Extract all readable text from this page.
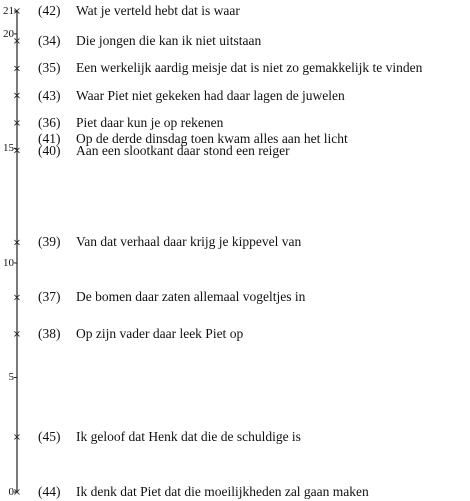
×
×
×
×
×
×
×
×
×
×
×
21
20
15
10
5
0
(42) Wat je verteld hebt dat is waar
(34) Die jongen die kan ik niet uitstaan
(35) Een werkelijk aardig meisje dat is niet zo gemakkelijk te vinden
(43) Waar Piet niet gekeken had daar lagen de juwelen
(36) Piet daar kun je op rekenen
(41) Op de derde dinsdag toen kwam alles aan het licht
(40) Aan een slootkant daar stond een reiger
(39) Van dat verhaal daar krijg je kippevel van
(37) De bomen daar zaten allemaal vogeltjes in
(38) Op zijn vader daar leek Piet op
(45) Ik geloof dat Henk dat die de schuldige is
(44) Ik denk dat Piet dat die moeilijkheden zal gaan maken
